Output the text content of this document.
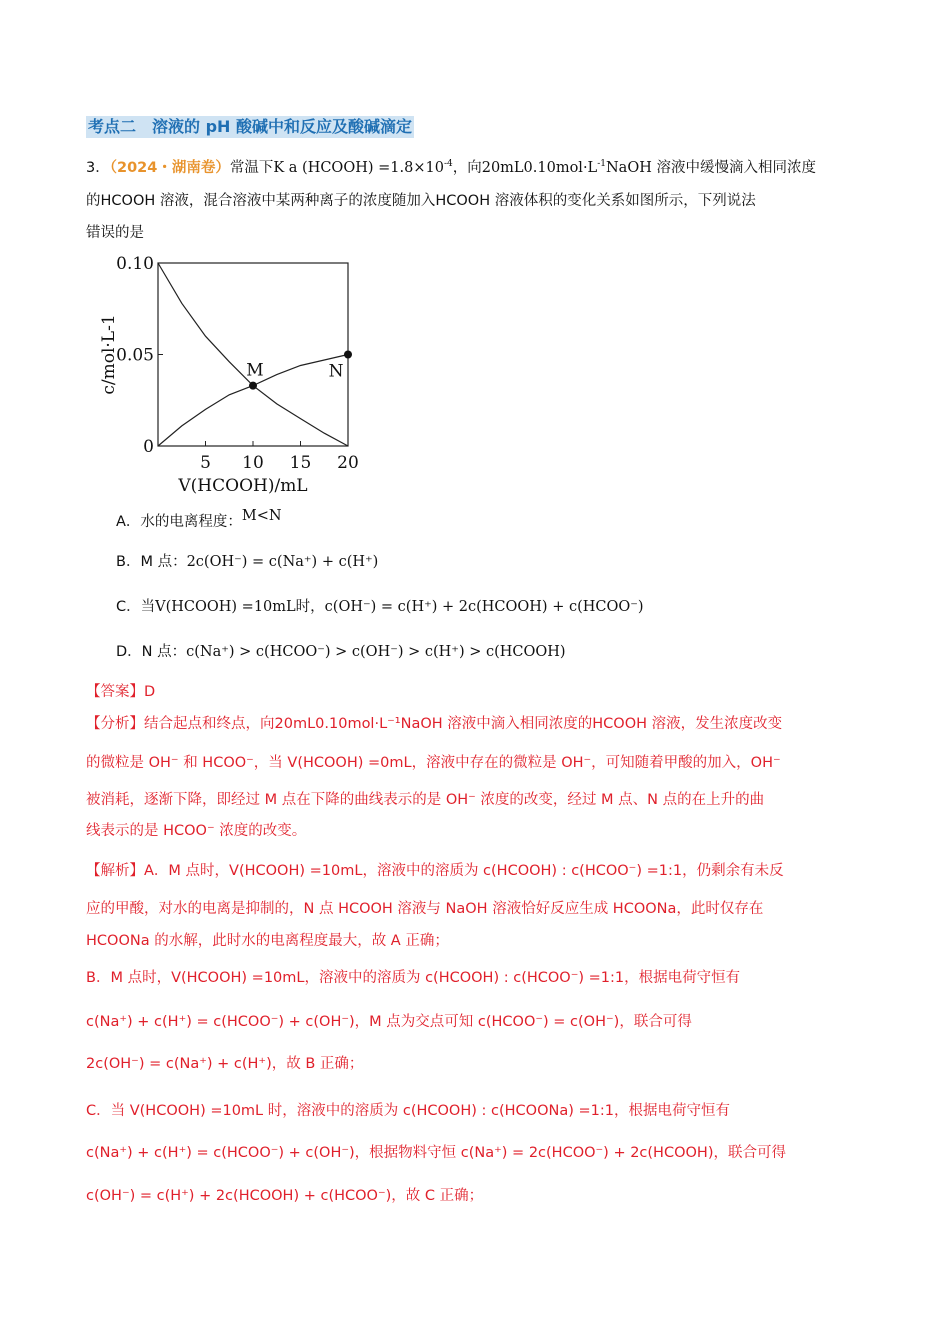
考点二　溶液的 pH 酸碱中和反应及酸碱滴定
3．（2024・湖南卷）常温下K a (HCOOH) $=1.8\times 10^{-4}$，向$20mL0.10mol\cdot L^{-1}NaOH$ 溶液中缓慢滴入相同浓度
的HCOOH 溶液，混合溶液中某两种离子的浓度随加入HCOOH 溶液体积的变化关系如图所示，下列说法
错误的是
0
0.05
0.10
5 10 15 20
V(HCOOH)/mL
c/mol·L-1	M	N
A．水的电离程度：M<N
B．M 点：2c(OH⁻) = c(Na⁺) + c(H⁺)
C．当V(HCOOH) =10mL时，c(OH⁻) = c(H⁺) + 2c(HCOOH) + c(HCOO⁻)
D．N 点：c(Na⁺) > c(HCOO⁻) > c(OH⁻) > c(H⁺) > c(HCOOH)
【答案】D
【分析】结合起点和终点，向20mL0.10mol·L⁻¹NaOH 溶液中滴入相同浓度的HCOOH 溶液，发生浓度改变
的微粒是 OH⁻ 和 HCOO⁻，当 V(HCOOH) =0mL，溶液中存在的微粒是 OH⁻，可知随着甲酸的加入，OH⁻
被消耗，逐渐下降，即经过 M 点在下降的曲线表示的是 OH⁻ 浓度的改变，经过 M 点、N 点的在上升的曲
线表示的是 HCOO⁻ 浓度的改变。
【解析】A．M 点时，V(HCOOH) =10mL，溶液中的溶质为 c(HCOOH) : c(HCOO⁻) =1:1，仍剩余有未反
应的甲酸，对水的电离是抑制的，N 点 HCOOH 溶液与 NaOH 溶液恰好反应生成 HCOONa，此时仅存在
HCOONa 的水解，此时水的电离程度最大，故 A 正确；
B．M 点时，V(HCOOH) =10mL，溶液中的溶质为 c(HCOOH) : c(HCOO⁻) =1:1，根据电荷守恒有
c(Na⁺) + c(H⁺) = c(HCOO⁻) + c(OH⁻)，M 点为交点可知 c(HCOO⁻) = c(OH⁻)，联合可得
2c(OH⁻) = c(Na⁺) + c(H⁺)，故 B 正确；
C．当 V(HCOOH) =10mL 时，溶液中的溶质为 c(HCOOH) : c(HCOONa) =1:1，根据电荷守恒有
c(Na⁺) + c(H⁺) = c(HCOO⁻) + c(OH⁻)，根据物料守恒 c(Na⁺) = 2c(HCOO⁻) + 2c(HCOOH)，联合可得
c(OH⁻) = c(H⁺) + 2c(HCOOH) + c(HCOO⁻)，故 C 正确；
